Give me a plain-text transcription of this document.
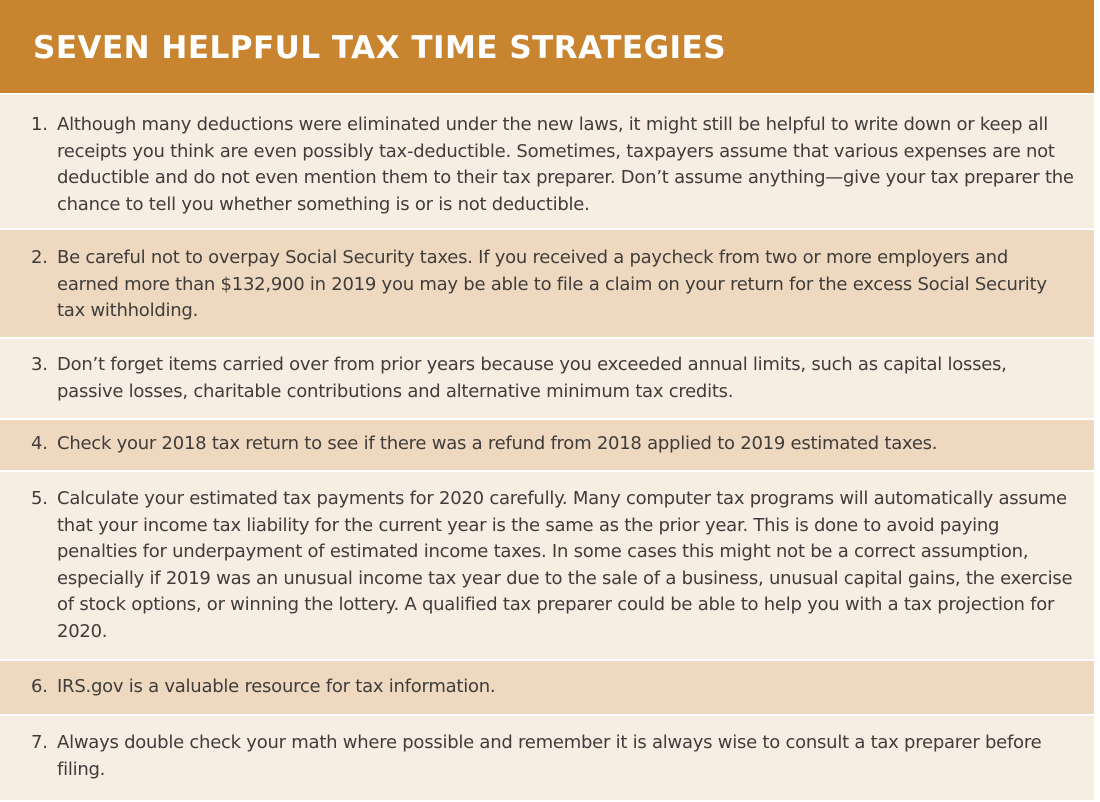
SEVEN HELPFUL TAX TIME STRATEGIES
1. Although many deductions were eliminated under the new laws, it might still be helpful to write down or keep all receipts you think are even possibly tax-deductible. Sometimes, taxpayers assume that various expenses are not deductible and do not even mention them to their tax preparer. Don’t assume anything—give your tax preparer the chance to tell you whether something is or is not deductible.
2. Be careful not to overpay Social Security taxes. If you received a paycheck from two or more employers and earned more than $132,900 in 2019 you may be able to file a claim on your return for the excess Social Security tax withholding.
3. Don’t forget items carried over from prior years because you exceeded annual limits, such as capital losses, passive losses, charitable contributions and alternative minimum tax credits.
4. Check your 2018 tax return to see if there was a refund from 2018 applied to 2019 estimated taxes.
5. Calculate your estimated tax payments for 2020 carefully. Many computer tax programs will automatically assume that your income tax liability for the current year is the same as the prior year. This is done to avoid paying penalties for underpayment of estimated income taxes. In some cases this might not be a correct assumption, especially if 2019 was an unusual income tax year due to the sale of a business, unusual capital gains, the exercise of stock options, or winning the lottery. A qualified tax preparer could be able to help you with a tax projection for 2020.
6. IRS.gov is a valuable resource for tax information.
7. Always double check your math where possible and remember it is always wise to consult a tax preparer before filing.
